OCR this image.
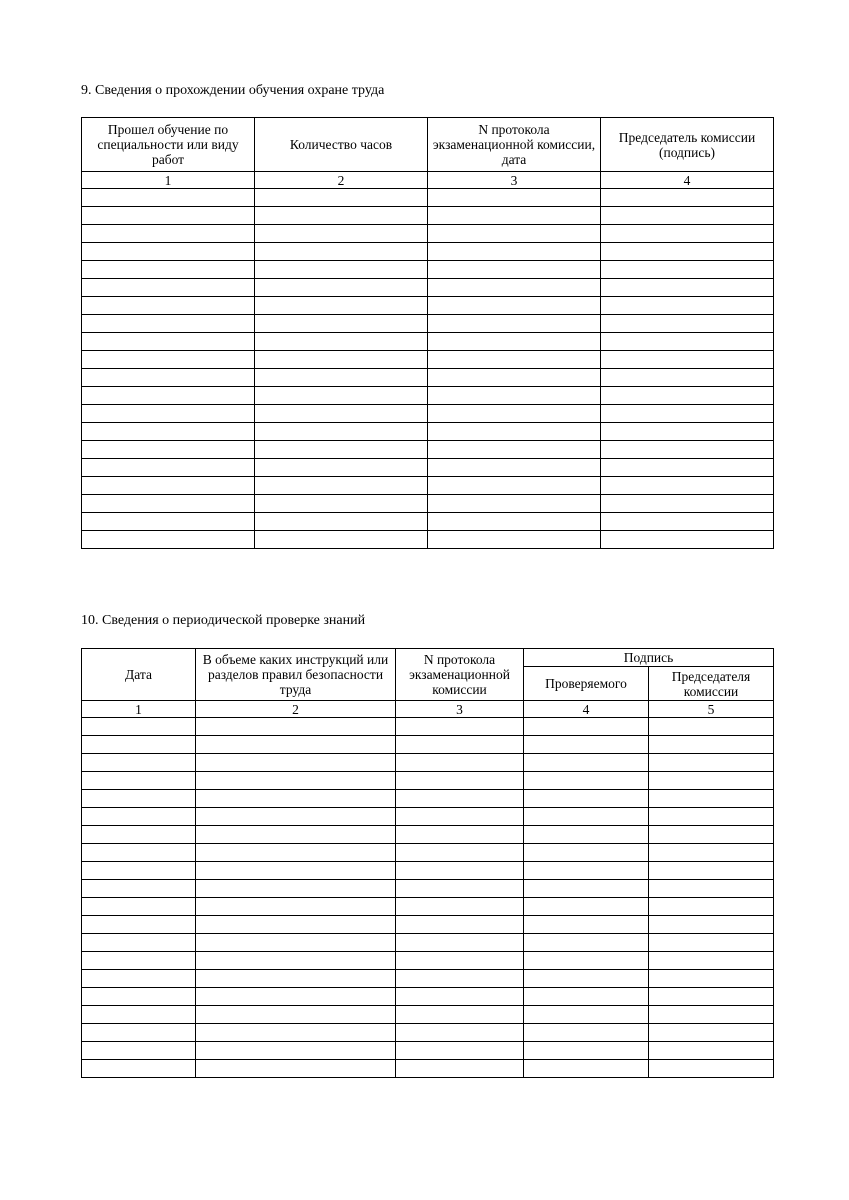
9. Сведения о прохождении обучения охране труда
Прошел обучение по специальности или виду работ	Количество часов	N протокола экзаменационной комиссии, дата	Председатель комиссии (подпись)

1	2	3	4

10. Сведения о периодической проверке знаний
Дата	В объеме каких инструкций или разделов правил безопасности труда	N протокола экзаменационной комиссии	Подпись	

			Проверяемого	Председателя комиссии

1	2	3	4	5
